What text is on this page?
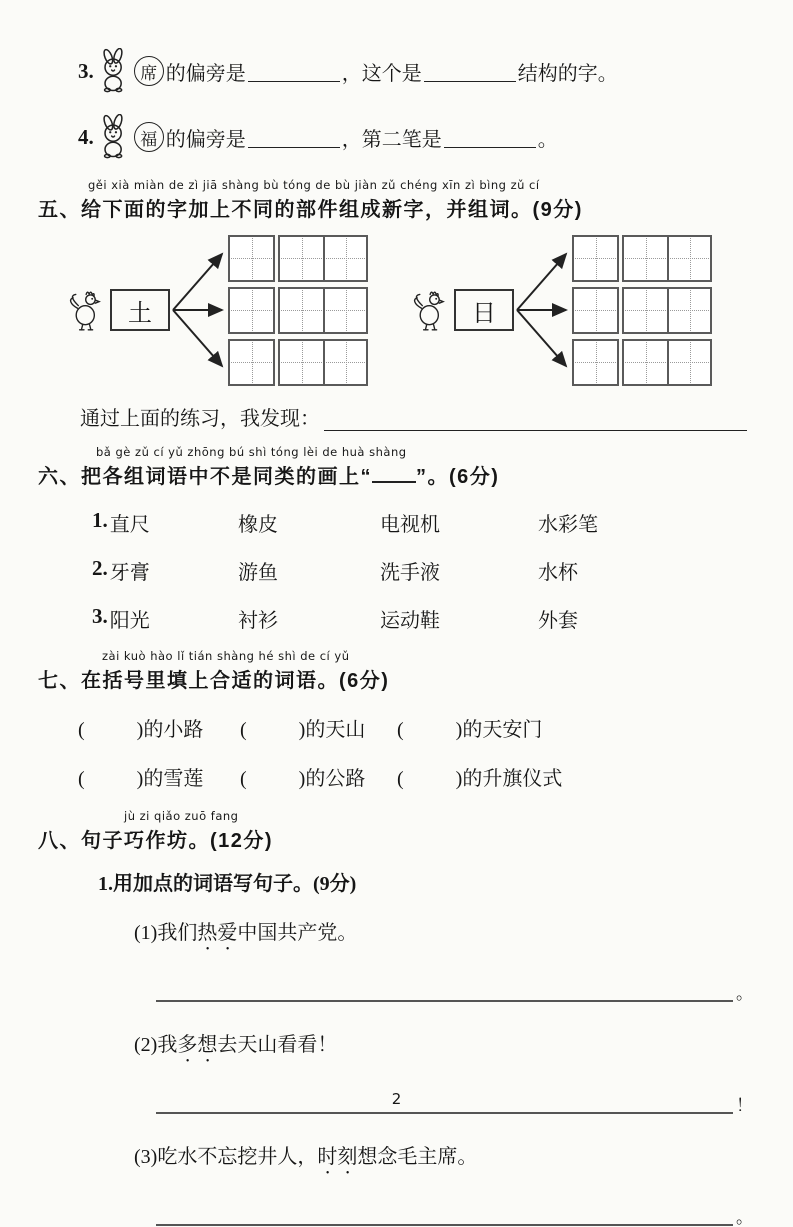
3.	席 的偏旁是	，这个是	结构的字。
4.	福 的偏旁是	，第二笔是	。
gěi xià miàn de zì jiā shàng bù tóng de bù jiàn zǔ chéng xīn zì bìng zǔ cí
五、给下面的字加上不同的部件组成新字，并组词。(9分)
土	日
通过上面的练习，我发现：
bǎ gè zǔ cí yǔ zhōng bú shì tóng lèi de huà shàng
六、把各组词语中不是同类的画上“ ”。(6分)
1. 直尺	橡皮	电视机	水彩笔
2. 牙膏	游鱼	洗手液	水杯
3. 阳光	衬衫	运动鞋	外套
zài kuò hào lǐ tián shàng hé shì de cí yǔ
七、在括号里填上合适的词语。(6分)
(	)的小路	(	)的天山	(	)的天安门
(	)的雪莲	(	)的公路	(	)的升旗仪式
jù zi qiǎo zuō fang
八、句子巧作坊。(12分)
1.用加点的词语写句子。(9分)
(1)我们热爱中国共产党。
。
(2)我多想去天山看看！
！
(3)吃水不忘挖井人，时刻想念毛主席。
。
2
